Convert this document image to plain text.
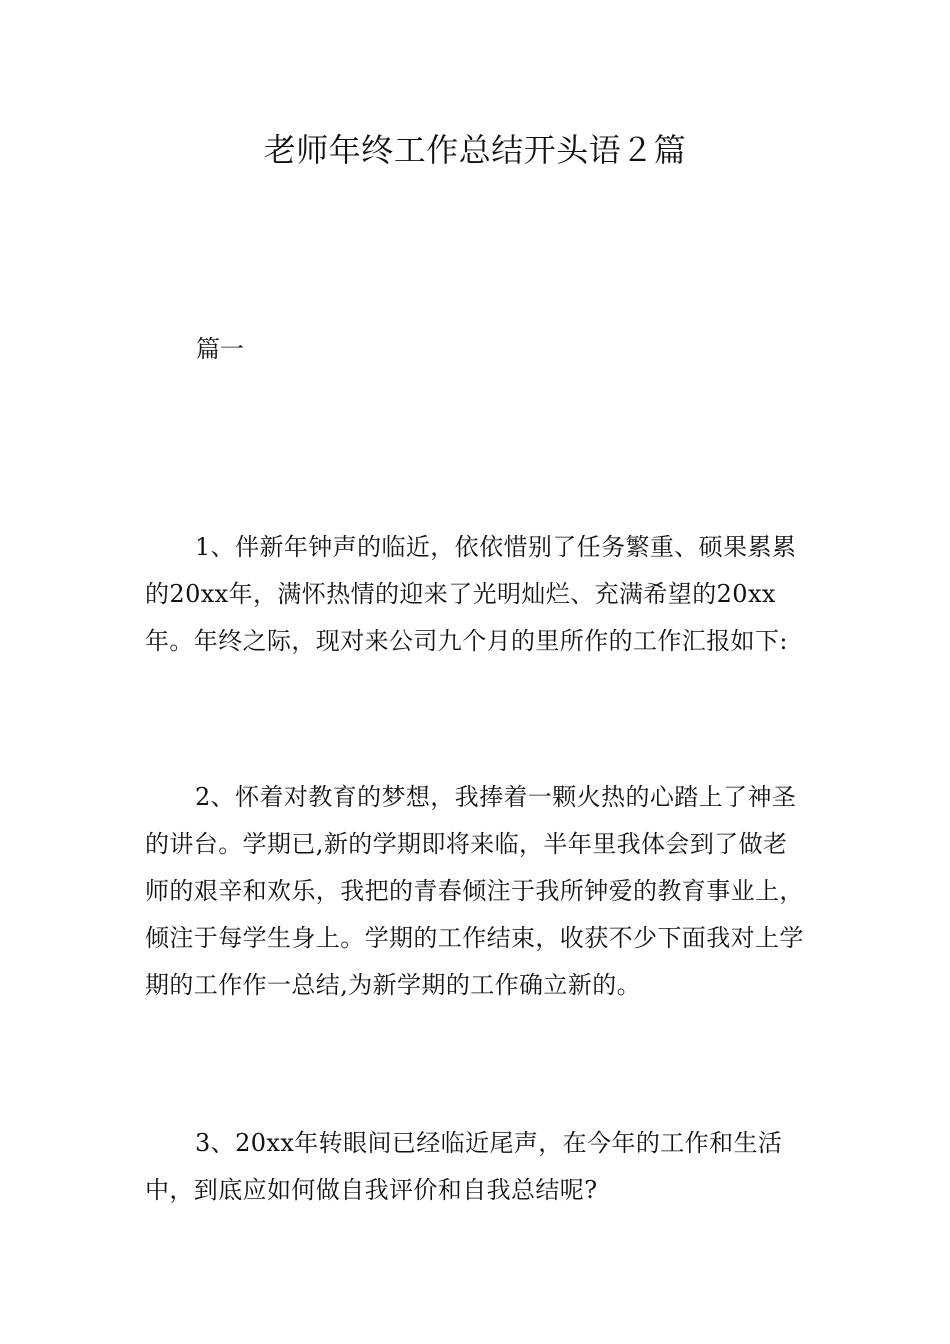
老师年终工作总结开头语２篇
篇一

1、伴新年钟声的临近，依依惜别了任务繁重、硕果累累的20xx年，满怀热情的迎来了光明灿烂、充满希望的20xx年。年终之际，现对来公司九个月的里所作的工作汇报如下:

2、怀着对教育的梦想，我捧着一颗火热的心踏上了神圣的讲台。学期已,新的学期即将来临，半年里我体会到了做老师的艰辛和欢乐，我把的青春倾注于我所钟爱的教育事业上，倾注于每学生身上。学期的工作结束，收获不少下面我对上学期的工作作一总结,为新学期的工作确立新的。

3、20xx年转眼间已经临近尾声，在今年的工作和生活中，到底应如何做自我评价和自我总结呢?
